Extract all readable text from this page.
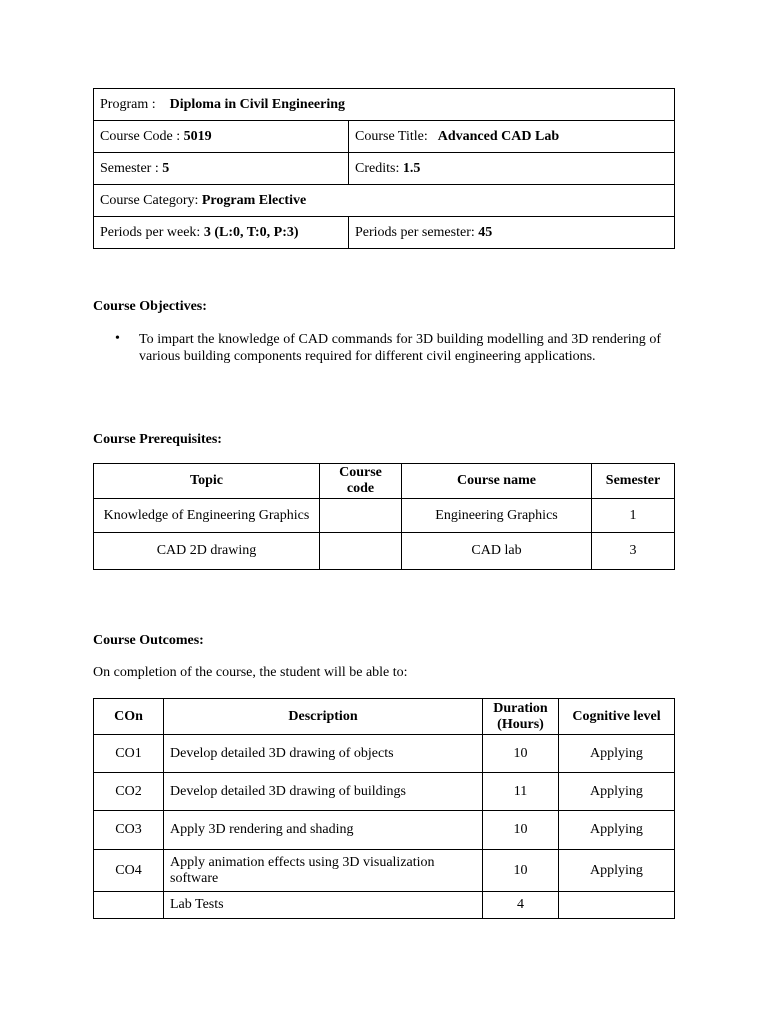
Program : Diploma in Civil Engineering	
Course Code : 5019	Course Title: Advanced CAD Lab
Semester : 5	Credits: 1.5
Course Category: Program Elective	
Periods per week: 3 (L:0, T:0, P:3)	Periods per semester: 45
Course Objectives:
• To impart the knowledge of CAD commands for 3D building modelling and 3D rendering of various building components required for different civil engineering applications.
Course Prerequisites:
Topic	Course code	Course name	Semester
Knowledge of Engineering Graphics		Engineering Graphics	1
CAD 2D drawing		CAD lab	3
Course Outcomes:
On completion of the course, the student will be able to:
COn	Description	Duration (Hours)	Cognitive level
CO1	Develop detailed 3D drawing of objects	10	Applying
CO2	Develop detailed 3D drawing of buildings	11	Applying
CO3	Apply 3D rendering and shading	10	Applying
CO4	Apply animation effects using 3D visualization software	10	Applying
	Lab Tests	4	
